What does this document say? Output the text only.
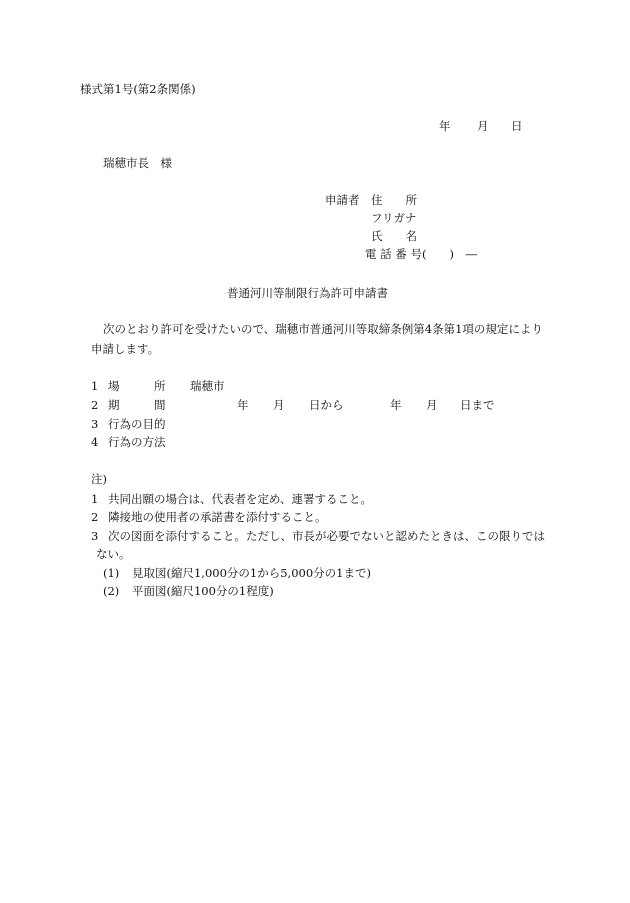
様式第1号(第2条関係)
年 月 日
瑞穂市長　様
申請者 住　　所
フリガナ
氏　　名
電 話 番 号(　　)　―
普通河川等制限行為許可申請書
次のとおり許可を受けたいので、瑞穂市普通河川等取締条例第4条第1項の規定により
申請します。
1 場　　　所 瑞穂市
2 期　　　間	年 月 日から	年 月 日まで
3 行為の目的
4 行為の方法
注)
1 共同出願の場合は、代表者を定め、連署すること。
2 隣接地の使用者の承諾書を添付すること。
3 次の図面を添付すること。ただし、市長が必要でないと認めたときは、この限りでは
ない。
(1) 見取図(縮尺1,000分の1から5,000分の1まで)
(2) 平面図(縮尺100分の1程度)
